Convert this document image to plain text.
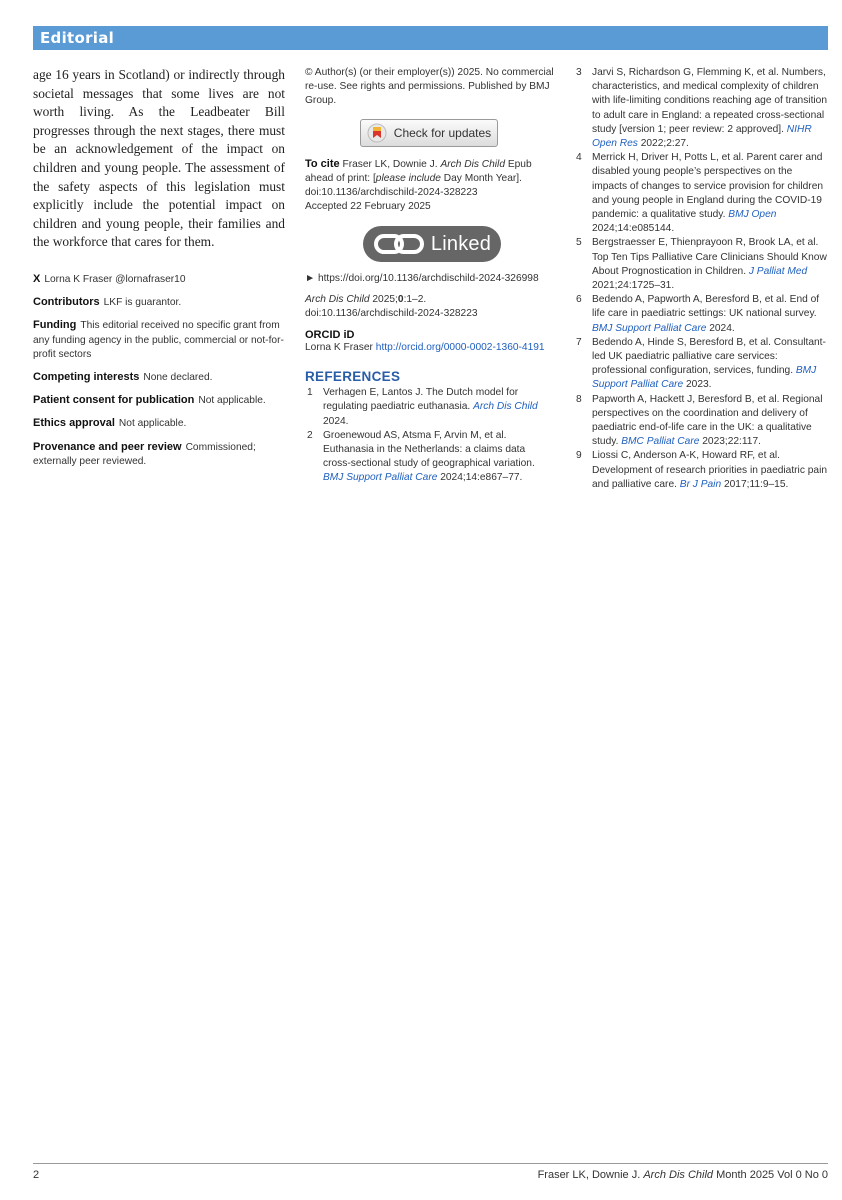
Editorial

age 16 years in Scotland) or indirectly through societal messages that some lives are not worth living. As the Leadbeater Bill progresses through the next stages, there must be an acknowledgement of the impact on children and young people. The assessment of the safety aspects of this legislation must explicitly include the potential impact on children and young people, their families and the workforce that cares for them.

X Lorna K Fraser @lornafraser10

Contributors LKF is guarantor.

Funding This editorial received no specific grant from any funding agency in the public, commercial or not-for-profit sectors

Competing interests None declared.

Patient consent for publication Not applicable.

Ethics approval Not applicable.

Provenance and peer review Commissioned; externally peer reviewed.

© Author(s) (or their employer(s)) 2025. No commercial re-use. See rights and permissions. Published by BMJ Group.

Check for updates

To cite Fraser LK, Downie J. Arch Dis Child Epub ahead of print: [please include Day Month Year]. doi:10.1136/archdischild-2024-328223

Accepted 22 February 2025

Linked

► https://doi.org/10.1136/archdischild-2024-326998

Arch Dis Child 2025;0:1–2.
doi:10.1136/archdischild-2024-328223

ORCID iD

Lorna K Fraser http://orcid.org/0000-0002-1360-4191

REFERENCES

1	Verhagen E, Lantos J. The Dutch model for regulating paediatric euthanasia. Arch Dis Child 2024.
2	Groenewoud AS, Atsma F, Arvin M, et al. Euthanasia in the Netherlands: a claims data cross-sectional study of geographical variation. BMJ Support Palliat Care 2024;14:e867–77.
3	Jarvi S, Richardson G, Flemming K, et al. Numbers, characteristics, and medical complexity of children with life-limiting conditions reaching age of transition to adult care in England: a repeated cross-sectional study [version 1; peer review: 2 approved]. NIHR Open Res 2022;2:27.
4	Merrick H, Driver H, Potts L, et al. Parent carer and disabled young people’s perspectives on the impacts of changes to service provision for children and young people in England during the COVID-19 pandemic: a qualitative study. BMJ Open 2024;14:e085144.
5	Bergstraesser E, Thienprayoon R, Brook LA, et al. Top Ten Tips Palliative Care Clinicians Should Know About Prognostication in Children. J Palliat Med 2021;24:1725–31.
6	Bedendo A, Papworth A, Beresford B, et al. End of life care in paediatric settings: UK national survey. BMJ Support Palliat Care 2024.
7	Bedendo A, Hinde S, Beresford B, et al. Consultant-led UK paediatric palliative care services: professional configuration, services, funding. BMJ Support Palliat Care 2023.
8	Papworth A, Hackett J, Beresford B, et al. Regional perspectives on the coordination and delivery of paediatric end-of-life care in the UK: a qualitative study. BMC Palliat Care 2023;22:117.
9	Liossi C, Anderson A-K, Howard RF, et al. Development of research priorities in paediatric pain and palliative care. Br J Pain 2017;11:9–15.
2	Fraser LK, Downie J. Arch Dis Child Month 2025 Vol 0 No 0
